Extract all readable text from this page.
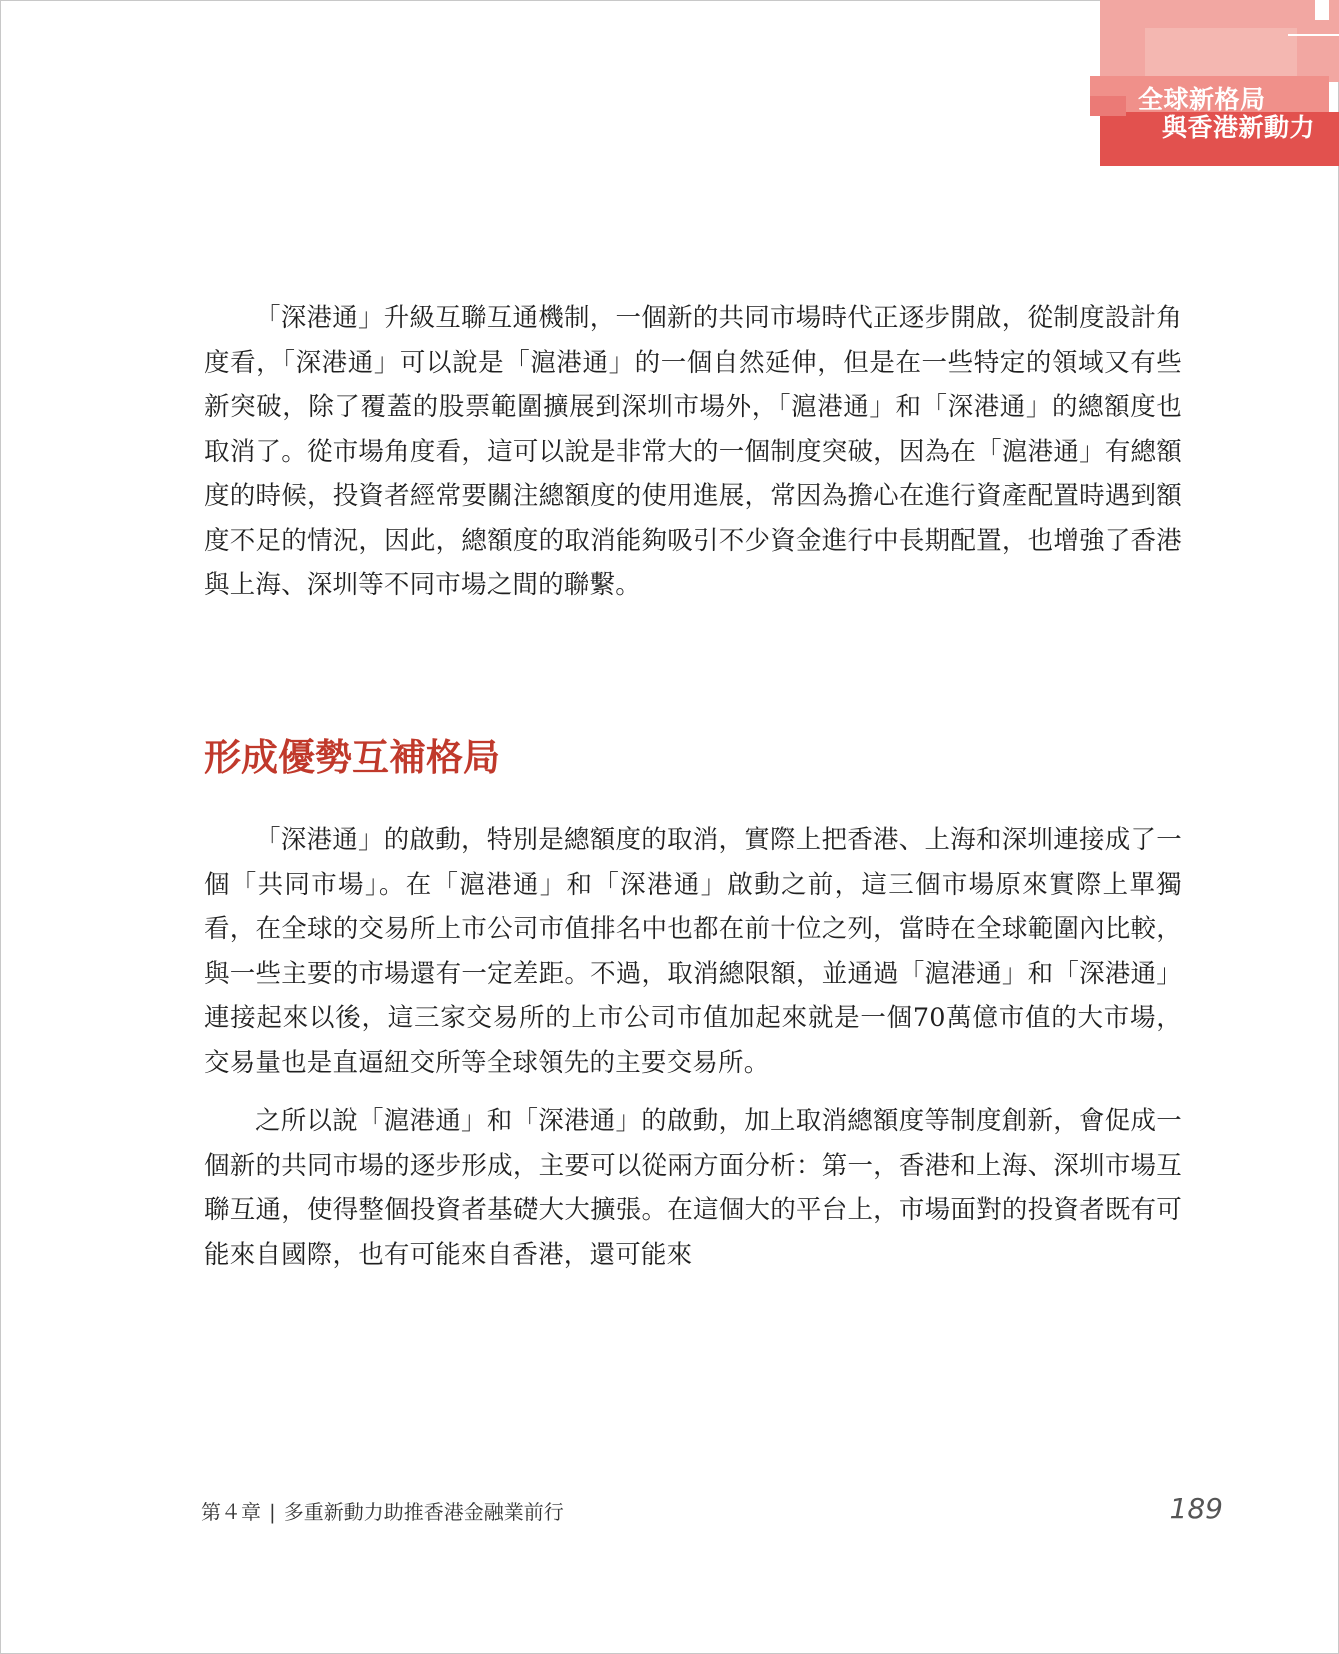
全球新格局
與香港新動力

「深港通」升級互聯互通機制，一個新的共同市場時代正逐步開啟，從制度設計角度看，「深港通」可以說是「滬港通」的一個自然延伸，但是在一些特定的領域又有些新突破，除了覆蓋的股票範圍擴展到深圳市場外，「滬港通」和「深港通」的總額度也取消了。從市場角度看，這可以說是非常大的一個制度突破，因為在「滬港通」有總額度的時候，投資者經常要關注總額度的使用進展，常因為擔心在進行資產配置時遇到額度不足的情況，因此，總額度的取消能夠吸引不少資金進行中長期配置，也增強了香港與上海、深圳等不同市場之間的聯繫。

形成優勢互補格局

「深港通」的啟動，特別是總額度的取消，實際上把香港、上海和深圳連接成了一個「共同市場」。在「滬港通」和「深港通」啟動之前，這三個市場原來實際上單獨看，在全球的交易所上市公司市值排名中也都在前十位之列，當時在全球範圍內比較，與一些主要的市場還有一定差距。不過，取消總限額，並通過「滬港通」和「深港通」連接起來以後，這三家交易所的上市公司市值加起來就是一個70萬億市值的大市場，交易量也是直逼紐交所等全球領先的主要交易所。

之所以說「滬港通」和「深港通」的啟動，加上取消總額度等制度創新，會促成一個新的共同市場的逐步形成，主要可以從兩方面分析：第一，香港和上海、深圳市場互聯互通，使得整個投資者基礎大大擴張。在這個大的平台上，市場面對的投資者既有可能來自國際，也有可能來自香港，還可能來

第４章 | 多重新動力助推香港金融業前行	189
